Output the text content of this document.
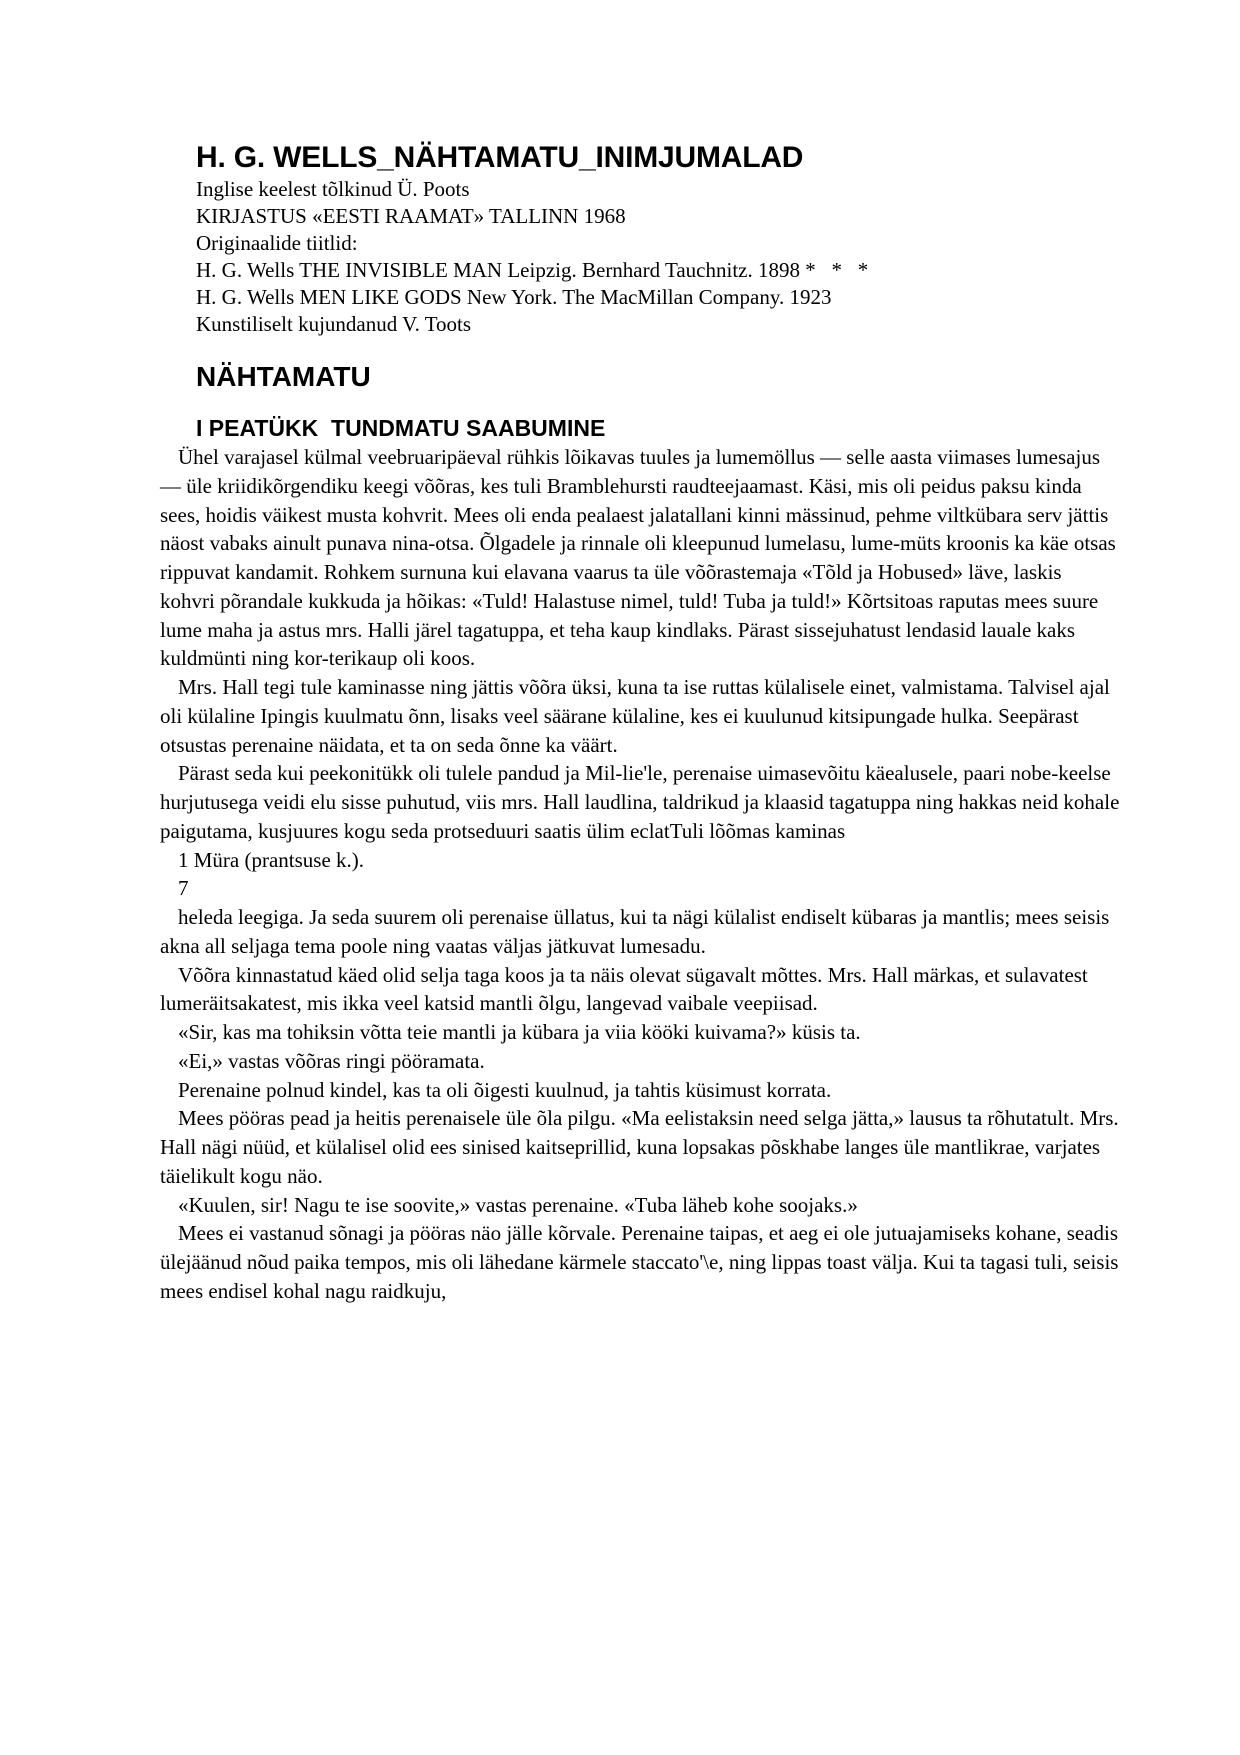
H. G. WELLS_NÄHTAMATU_INIMJUMALAD

Inglise keelest tõlkinud Ü. Poots

KIRJASTUS «EESTI RAAMAT» TALLINN 1968

Originaalide tiitlid:

H. G. Wells THE INVISIBLE MAN Leipzig. Bernhard Tauchnitz. 1898 *   *   *

H. G. Wells MEN LIKE GODS New York. The MacMillan Company. 1923

Kunstiliselt kujundanud V. Toots

NÄHTAMATU
I PEATÜKK  TUNDMATU SAABUMINE

Ühel varajasel külmal veebruaripäeval rühkis lõikavas tuules ja lumemöllus — selle aasta viimases lumesajus — üle kriidikõrgendiku keegi võõras, kes tuli Bramblehursti raudteejaamast. Käsi, mis oli peidus paksu kinda sees, hoidis väikest musta kohvrit. Mees oli enda pealaest jalatallani kinni mässinud, pehme viltkübara serv jättis näost vabaks ainult punava nina-otsa. Õlgadele ja rinnale oli kleepunud lumelasu, lume-müts kroonis ka käe otsas rippuvat kandamit. Rohkem surnuna kui elavana vaarus ta üle võõrastemaja «Tõld ja Hobused» läve, laskis kohvri põrandale kukkuda ja hõikas: «Tuld! Halastuse nimel, tuld! Tuba ja tuld!» Kõrtsitoas raputas mees suure lume maha ja astus mrs. Halli järel tagatuppa, et teha kaup kindlaks. Pärast sissejuhatust lendasid lauale kaks kuldmünti ning kor-terikaup oli koos.

Mrs. Hall tegi tule kaminasse ning jättis võõra üksi, kuna ta ise ruttas külalisele einet, valmistama. Talvisel ajal oli külaline Ipingis kuulmatu õnn, lisaks veel säärane külaline, kes ei kuulunud kitsipungade hulka. Seepärast otsustas perenaine näidata, et ta on seda õnne ka väärt.

Pärast seda kui peekonitükk oli tulele pandud ja Mil-lie'le, perenaise uimasevõitu käealusele, paari nobe-keelse hurjutusega veidi elu sisse puhutud, viis mrs. Hall laudlina, taldrikud ja klaasid tagatuppa ning hakkas neid kohale paigutama, kusjuures kogu seda protseduuri saatis ülim eclatTuli lõõmas kaminas

1 Müra (prantsuse k.).

7

heleda leegiga. Ja seda suurem oli perenaise üllatus, kui ta nägi külalist endiselt kübaras ja mantlis; mees seisis akna all seljaga tema poole ning vaatas väljas jätkuvat lumesadu.

Võõra kinnastatud käed olid selja taga koos ja ta näis olevat sügavalt mõttes. Mrs. Hall märkas, et sulavatest lumeräitsakatest, mis ikka veel katsid mantli õlgu, langevad vaibale veepiisad.

«Sir, kas ma tohiksin võtta teie mantli ja kübara ja viia kööki kuivama?» küsis ta.

«Ei,» vastas võõras ringi pööramata.

Perenaine polnud kindel, kas ta oli õigesti kuulnud, ja tahtis küsimust korrata.

Mees pööras pead ja heitis perenaisele üle õla pilgu. «Ma eelistaksin need selga jätta,» lausus ta rõhutatult. Mrs. Hall nägi nüüd, et külalisel olid ees sinised kaitseprillid, kuna lopsakas põskhabe langes üle mantlikrae, varjates täielikult kogu näo.

«Kuulen, sir! Nagu te ise soovite,» vastas perenaine. «Tuba läheb kohe soojaks.»

Mees ei vastanud sõnagi ja pööras näo jälle kõrvale. Perenaine taipas, et aeg ei ole jutuajamiseks kohane, seadis ülejäänud nõud paika tempos, mis oli lähedane kärmele staccato'\e, ning lippas toast välja. Kui ta tagasi tuli, seisis mees endisel kohal nagu raidkuju,
